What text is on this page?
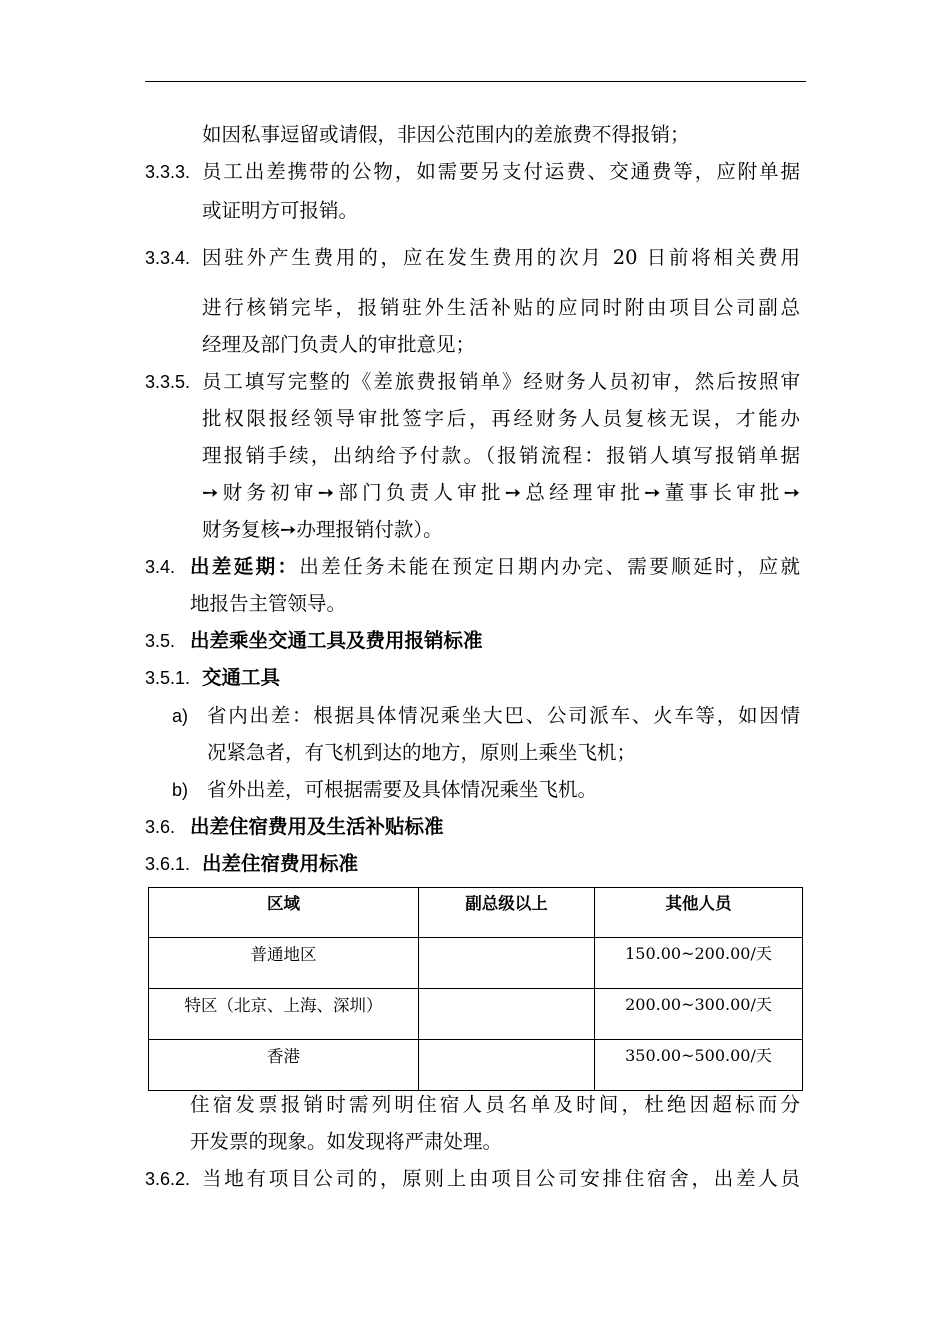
如因私事逗留或请假，非因公范围内的差旅费不得报销；
3.3.3. 员工出差携带的公物，如需要另支付运费、交通费等，应附单据
或证明方可报销。
3.3.4. 因驻外产生费用的，应在发生费用的次月 20 日前将相关费用
进行核销完毕，报销驻外生活补贴的应同时附由项目公司副总
经理及部门负责人的审批意见；
3.3.5. 员工填写完整的《差旅费报销单》经财务人员初审，然后按照审
批权限报经领导审批签字后，再经财务人员复核无误，才能办
理报销手续，出纳给予付款。（报销流程：报销人填写报销单据
➙财务初审➙部门负责人审批➙总经理审批➙董事长审批➙
财务复核➙办理报销付款）。
3.4. 出差延期：出差任务未能在预定日期内办完、需要顺延时，应就
地报告主管领导。
3.5. 出差乘坐交通工具及费用报销标准
3.5.1. 交通工具
a) 省内出差：根据具体情况乘坐大巴、公司派车、火车等，如因情
况紧急者，有飞机到达的地方，原则上乘坐飞机；
b) 省外出差，可根据需要及具体情况乘坐飞机。
3.6. 出差住宿费用及生活补贴标准
3.6.1. 出差住宿费用标准
区域	副总级以上	其他人员
普通地区		150.00~200.00/天
特区（北京、上海、深圳）		200.00~300.00/天
香港		350.00~500.00/天
住宿发票报销时需列明住宿人员名单及时间，杜绝因超标而分
开发票的现象。如发现将严肃处理。
3.6.2. 当地有项目公司的，原则上由项目公司安排住宿舍，出差人员
